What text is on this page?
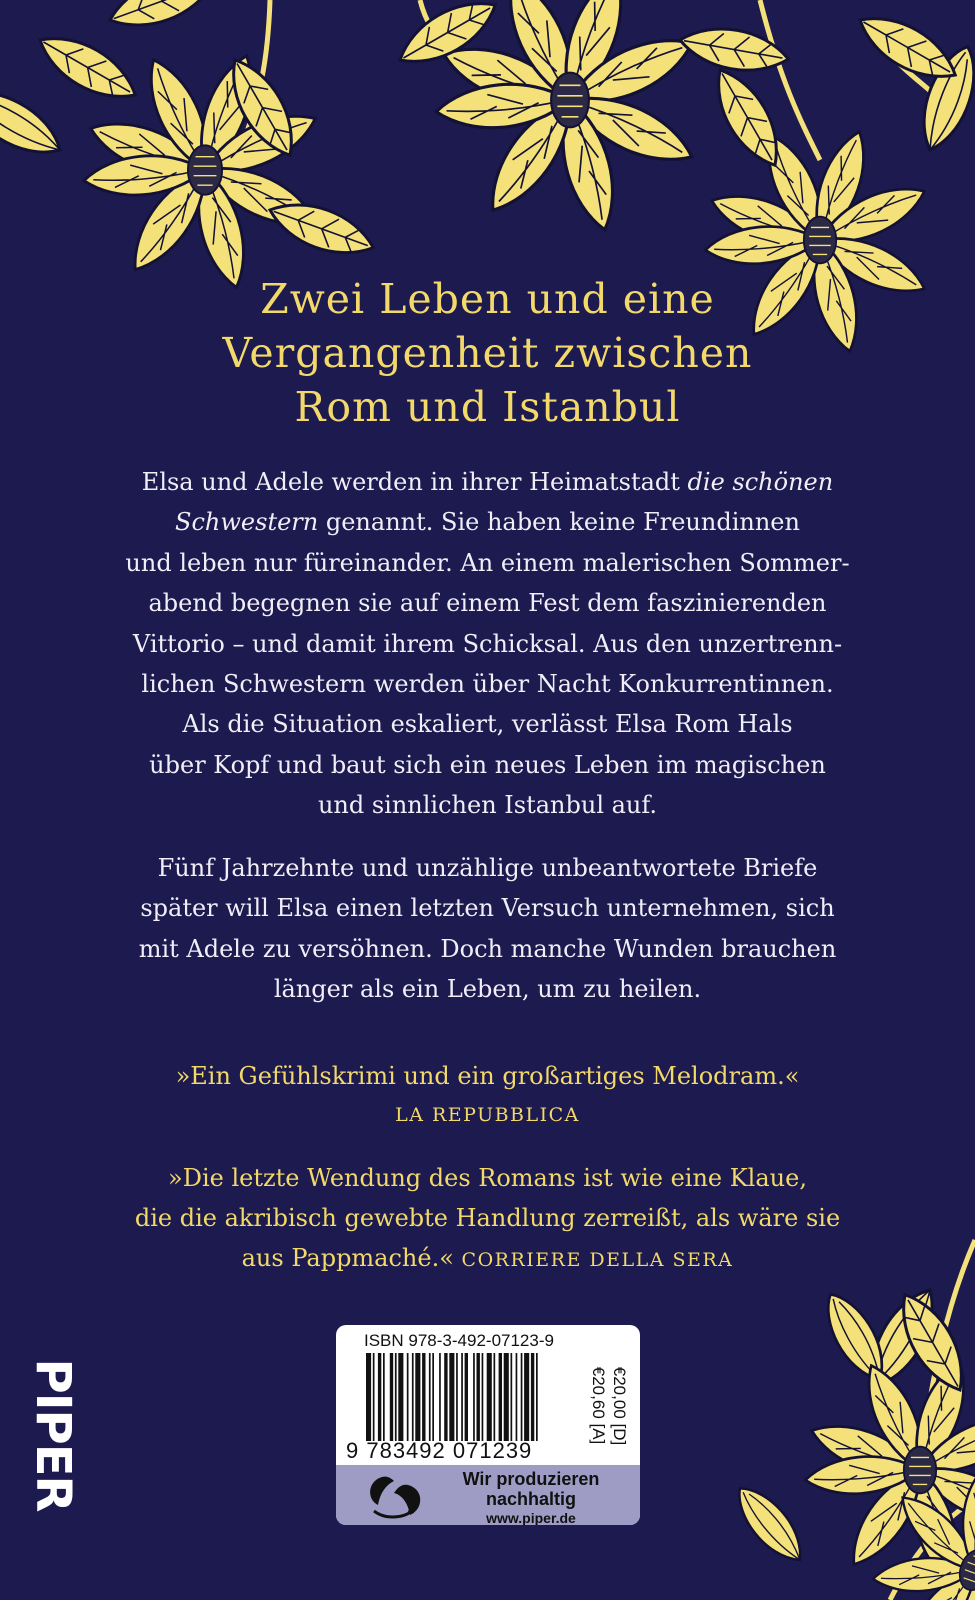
Zwei Leben und eine
Vergangenheit zwischen
Rom und Istanbul
Elsa und Adele werden in ihrer Heimatstadt die schönen
Schwestern genannt. Sie haben keine Freundinnen
und leben nur füreinander. An einem malerischen Sommer-
abend begegnen sie auf einem Fest dem faszinierenden
Vittorio – und damit ihrem Schicksal. Aus den unzertrenn-
lichen Schwestern werden über Nacht Konkurrentinnen.
Als die Situation eskaliert, verlässt Elsa Rom Hals
über Kopf und baut sich ein neues Leben im magischen
und sinnlichen Istanbul auf.
Fünf Jahrzehnte und unzählige unbeantwortete Briefe
später will Elsa einen letzten Versuch unternehmen, sich
mit Adele zu versöhnen. Doch manche Wunden brauchen
länger als ein Leben, um zu heilen.
»Ein Gefühlskrimi und ein großartiges Melodram.«
LA REPUBBLICA
»Die letzte Wendung des Romans ist wie eine Klaue,
die die akribisch gewebte Handlung zerreißt, als wäre sie
aus Pappmaché.« CORRIERE DELLA SERA
PIPER
ISBN 978-3-492-07123-9
9 783492 071239
€20,00 [D]
€20,60 [A]
Wir produzieren
nachhaltig
www.piper.de
